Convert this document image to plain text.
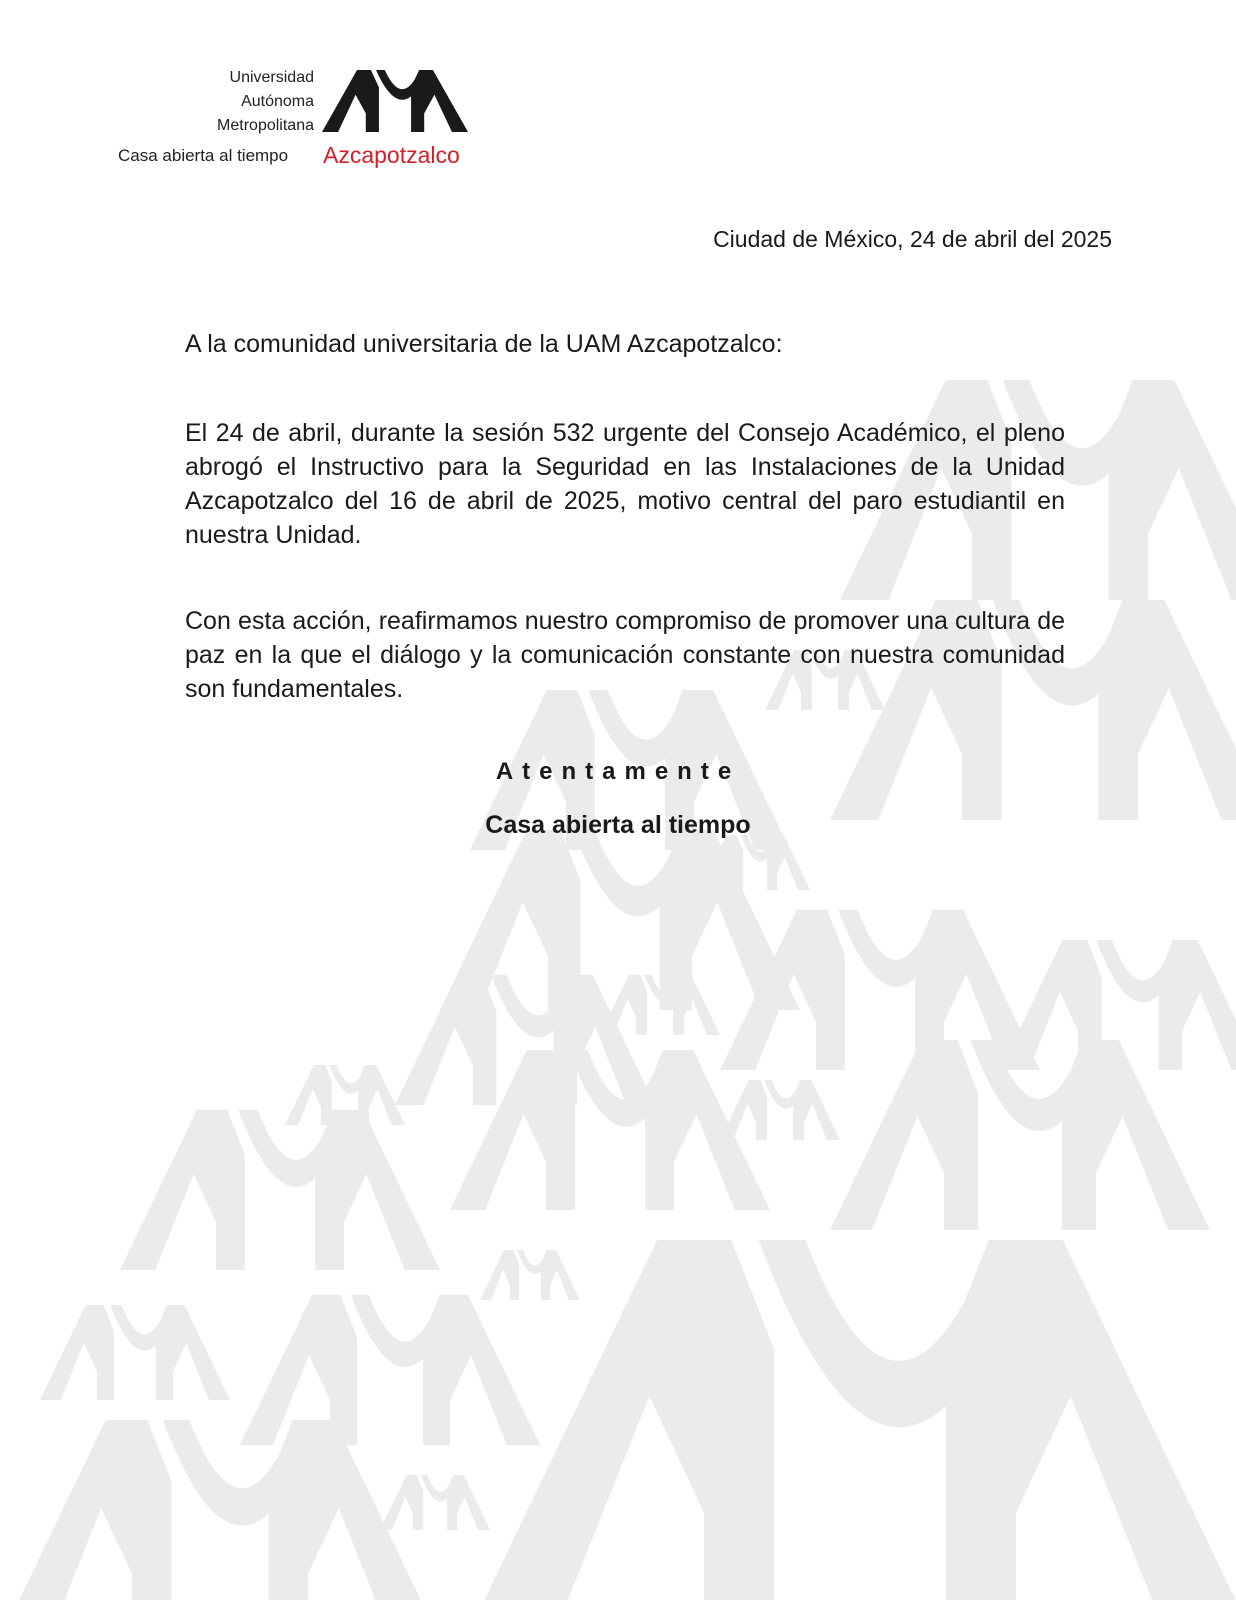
Universidad
Autónoma
Metropolitana
Casa abierta al tiempo Azcapotzalco
Ciudad de México, 24 de abril del 2025
A la comunidad universitaria de la UAM Azcapotzalco:

El 24 de abril, durante la sesión 532 urgente del Consejo Académico, el pleno abrogó el Instructivo para la Seguridad en las Instalaciones de la Unidad Azcapotzalco del 16 de abril de 2025, motivo central del paro estudiantil en nuestra Unidad.

Con esta acción, reafirmamos nuestro compromiso de promover una cultura de paz en la que el diálogo y la comunicación constante con nuestra comunidad son fundamentales.

Atentamente
Casa abierta al tiempo
